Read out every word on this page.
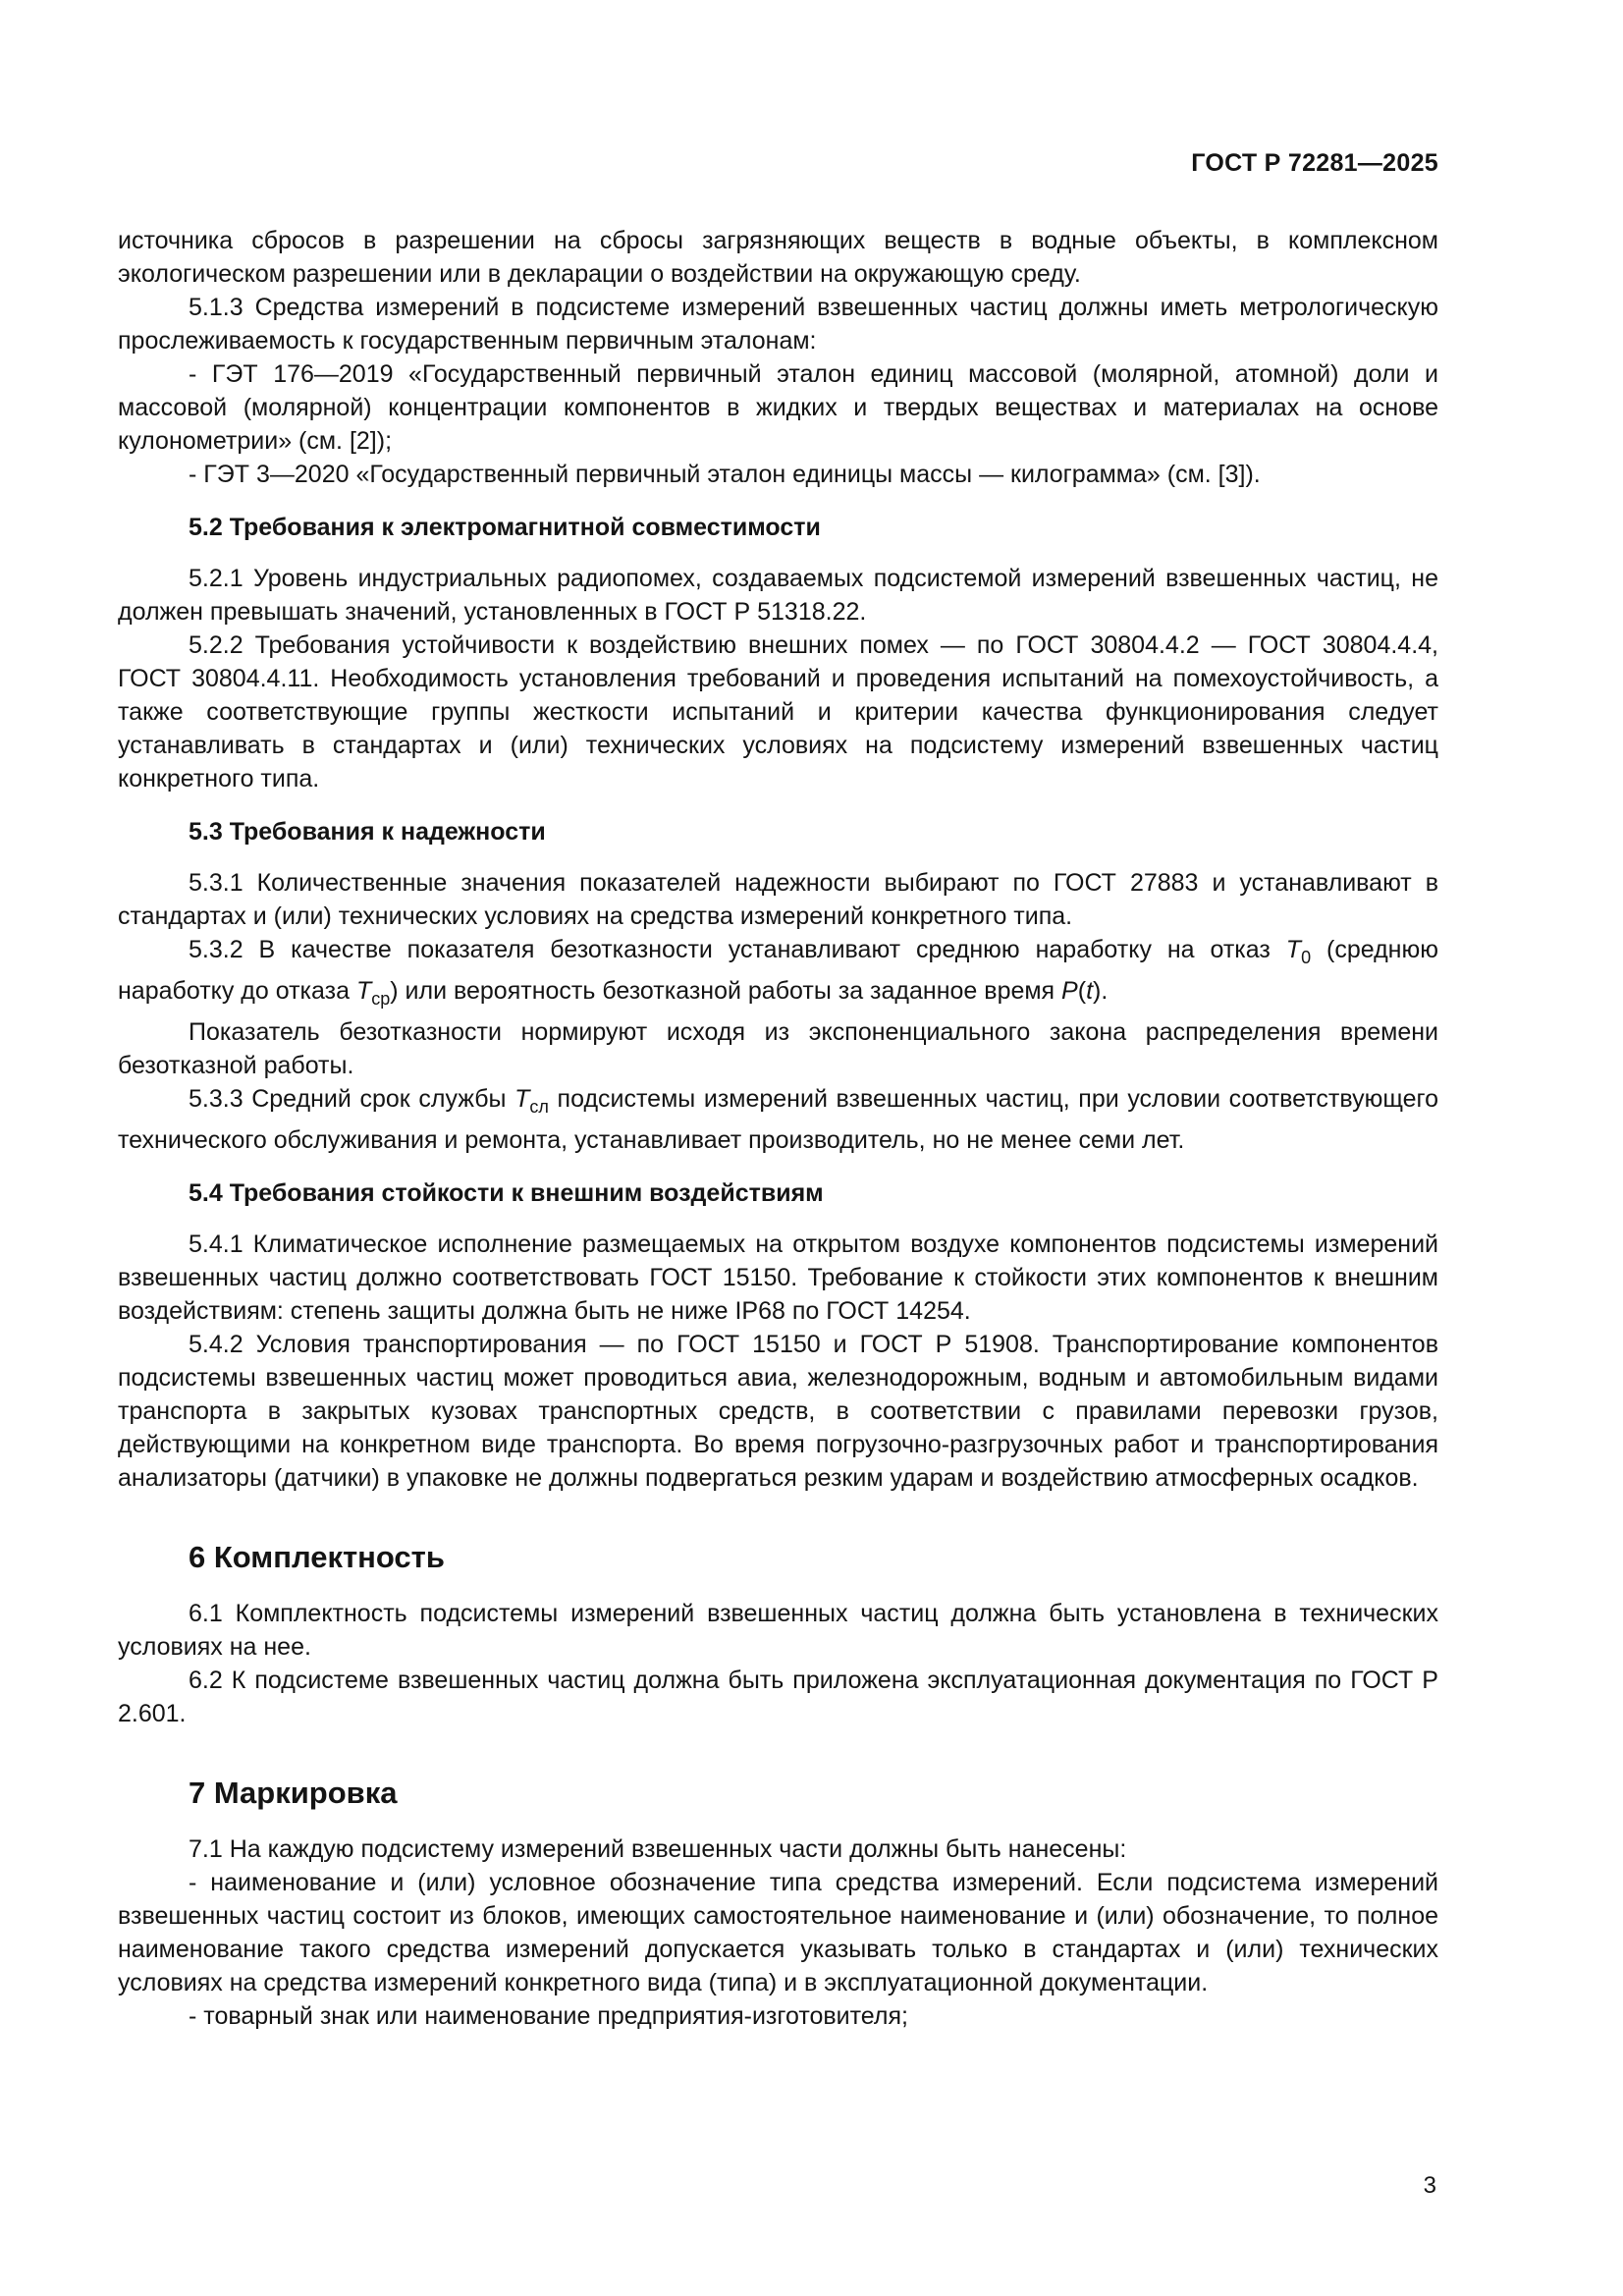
ГОСТ Р 72281—2025

источника сбросов в разрешении на сбросы загрязняющих веществ в водные объекты, в комплексном экологическом разрешении или в декларации о воздействии на окружающую среду.

5.1.3 Средства измерений в подсистеме измерений взвешенных частиц должны иметь метрологическую прослеживаемость к государственным первичным эталонам:

- ГЭТ 176—2019 «Государственный первичный эталон единиц массовой (молярной, атомной) доли и массовой (молярной) концентрации компонентов в жидких и твердых веществах и материалах на основе кулонометрии» (см. [2]);

- ГЭТ 3—2020 «Государственный первичный эталон единицы массы — килограмма» (см. [3]).

5.2 Требования к электромагнитной совместимости

5.2.1 Уровень индустриальных радиопомех, создаваемых подсистемой измерений взвешенных частиц, не должен превышать значений, установленных в ГОСТ Р 51318.22.

5.2.2 Требования устойчивости к воздействию внешних помех — по ГОСТ 30804.4.2 — ГОСТ 30804.4.4, ГОСТ 30804.4.11. Необходимость установления требований и проведения испытаний на помехоустойчивость, а также соответствующие группы жесткости испытаний и критерии качества функционирования следует устанавливать в стандартах и (или) технических условиях на подсистему измерений взвешенных частиц конкретного типа.

5.3 Требования к надежности

5.3.1 Количественные значения показателей надежности выбирают по ГОСТ 27883 и устанавливают в стандартах и (или) технических условиях на средства измерений конкретного типа.

5.3.2 В качестве показателя безотказности устанавливают среднюю наработку на отказ $T_0$ (среднюю наработку до отказа $T_{ср}$) или вероятность безотказной работы за заданное время P(t).

Показатель безотказности нормируют исходя из экспоненциального закона распределения времени безотказной работы.

5.3.3 Средний срок службы $T_{сл}$ подсистемы измерений взвешенных частиц, при условии соответствующего технического обслуживания и ремонта, устанавливает производитель, но не менее семи лет.

5.4 Требования стойкости к внешним воздействиям

5.4.1 Климатическое исполнение размещаемых на открытом воздухе компонентов подсистемы измерений взвешенных частиц должно соответствовать ГОСТ 15150. Требование к стойкости этих компонентов к внешним воздействиям: степень защиты должна быть не ниже IP68 по ГОСТ 14254.

5.4.2 Условия транспортирования — по ГОСТ 15150 и ГОСТ Р 51908. Транспортирование компонентов подсистемы взвешенных частиц может проводиться авиа, железнодорожным, водным и автомобильным видами транспорта в закрытых кузовах транспортных средств, в соответствии с правилами перевозки грузов, действующими на конкретном виде транспорта. Во время погрузочно-разгрузочных работ и транспортирования анализаторы (датчики) в упаковке не должны подвергаться резким ударам и воздействию атмосферных осадков.

6 Комплектность

6.1 Комплектность подсистемы измерений взвешенных частиц должна быть установлена в технических условиях на нее.

6.2 К подсистеме взвешенных частиц должна быть приложена эксплуатационная документация по ГОСТ Р 2.601.

7 Маркировка

7.1 На каждую подсистему измерений взвешенных части должны быть нанесены:

- наименование и (или) условное обозначение типа средства измерений. Если подсистема измерений взвешенных частиц состоит из блоков, имеющих самостоятельное наименование и (или) обозначение, то полное наименование такого средства измерений допускается указывать только в стандартах и (или) технических условиях на средства измерений конкретного вида (типа) и в эксплуатационной документации.

- товарный знак или наименование предприятия-изготовителя;

3
